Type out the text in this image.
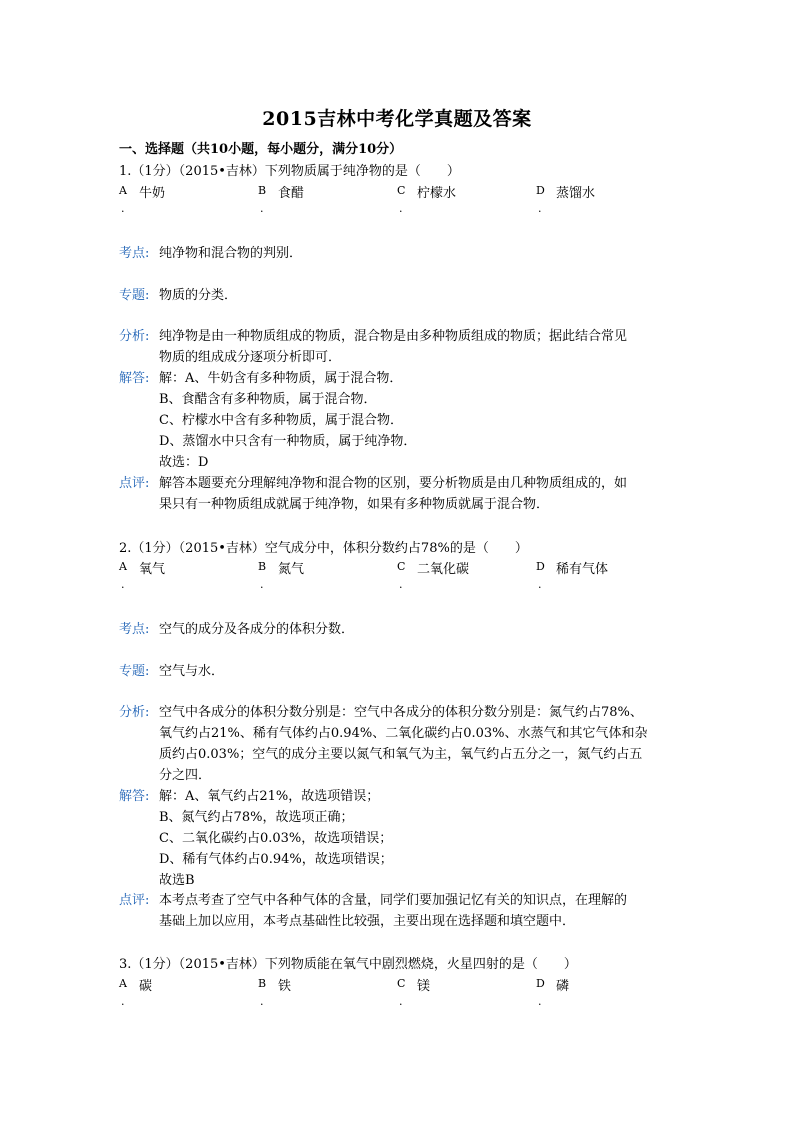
2015吉林中考化学真题及答案
一、选择题（共10小题，每小题分，满分10分）
1.（1分）（2015•吉林）下列物质属于纯净物的是（　　）
A
.
牛奶	B
.
食醋	C
.
柠檬水	D
.
蒸馏水
考点: 纯净物和混合物的判别．
专题: 物质的分类．
分析: 纯净物是由一种物质组成的物质，混合物是由多种物质组成的物质；据此结合常见
物质的组成成分逐项分析即可．
解答: 解：A、牛奶含有多种物质，属于混合物．
B、食醋含有多种物质，属于混合物．
C、柠檬水中含有多种物质，属于混合物．
D、蒸馏水中只含有一种物质，属于纯净物．
故选：D
点评: 解答本题要充分理解纯净物和混合物的区别，要分析物质是由几种物质组成的，如
果只有一种物质组成就属于纯净物，如果有多种物质就属于混合物．
2.（1分）（2015•吉林）空气成分中，体积分数约占78%的是（　　）
A
.
氧气	B
.
氮气	C
.
二氧化碳	D
.
稀有气体
考点: 空气的成分及各成分的体积分数．
专题: 空气与水．
分析: 空气中各成分的体积分数分别是：空气中各成分的体积分数分别是：氮气约占78%、
氧气约占21%、稀有气体约占0.94%、二氧化碳约占0.03%、水蒸气和其它气体和杂
质约占0.03%；空气的成分主要以氮气和氧气为主，氧气约占五分之一，氮气约占五
分之四．
解答: 解：A、氧气约占21%，故选项错误；
B、氮气约占78%，故选项正确；
C、二氧化碳约占0.03%，故选项错误；
D、稀有气体约占0.94%，故选项错误；
故选B
点评: 本考点考查了空气中各种气体的含量，同学们要加强记忆有关的知识点，在理解的
基础上加以应用，本考点基础性比较强，主要出现在选择题和填空题中．
3.（1分）（2015•吉林）下列物质能在氧气中剧烈燃烧，火星四射的是（　　）
A
.
碳	B
.
铁	C
.
镁	D
.
磷
